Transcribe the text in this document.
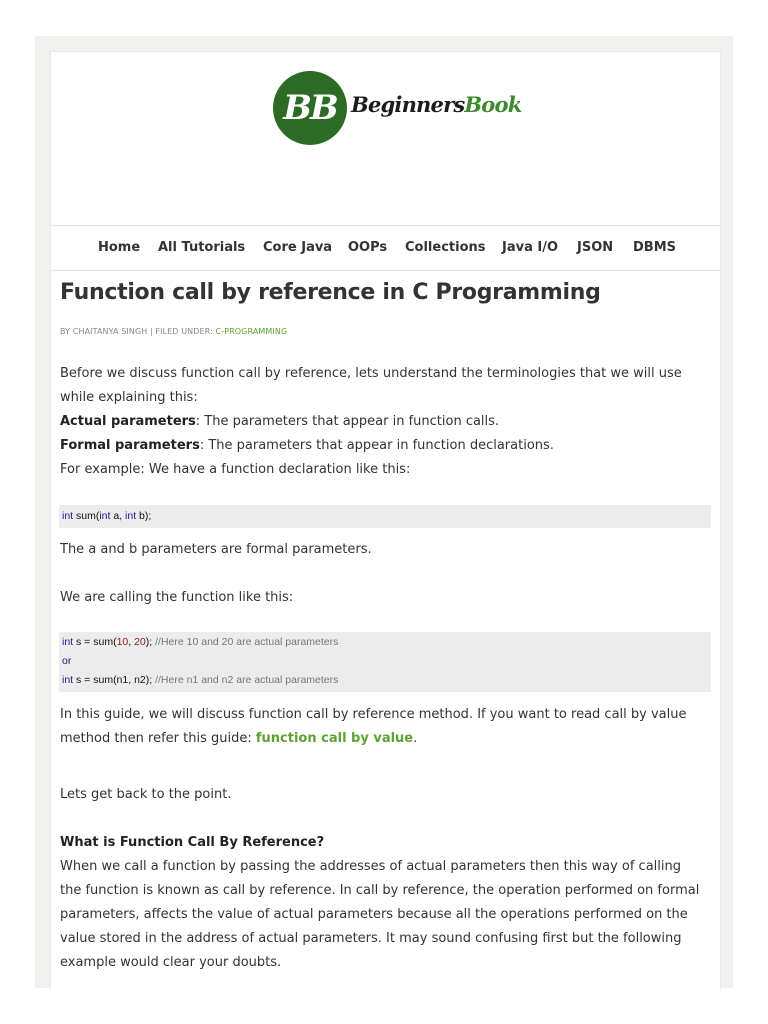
BB BeginnersBook
Home All Tutorials Core Java OOPs Collections Java I/O JSON DBMS
Function call by reference in C Programming
BY CHAITANYA SINGH | FILED UNDER: C-PROGRAMMING

Before we discuss function call by reference, lets understand the terminologies that we will use while explaining this:
Actual parameters: The parameters that appear in function calls.
Formal parameters: The parameters that appear in function declarations.
For example: We have a function declaration like this:

int sum(int a, int b);

The a and b parameters are formal parameters.

We are calling the function like this:

int s = sum(10, 20); //Here 10 and 20 are actual parameters
or
int s = sum(n1, n2); //Here n1 and n2 are actual parameters

In this guide, we will discuss function call by reference method. If you want to read call by value method then refer this guide: function call by value.

Lets get back to the point.

What is Function Call By Reference?
When we call a function by passing the addresses of actual parameters then this way of calling the function is known as call by reference. In call by reference, the operation performed on formal parameters, affects the value of actual parameters because all the operations performed on the value stored in the address of actual parameters. It may sound confusing first but the following example would clear your doubts.
